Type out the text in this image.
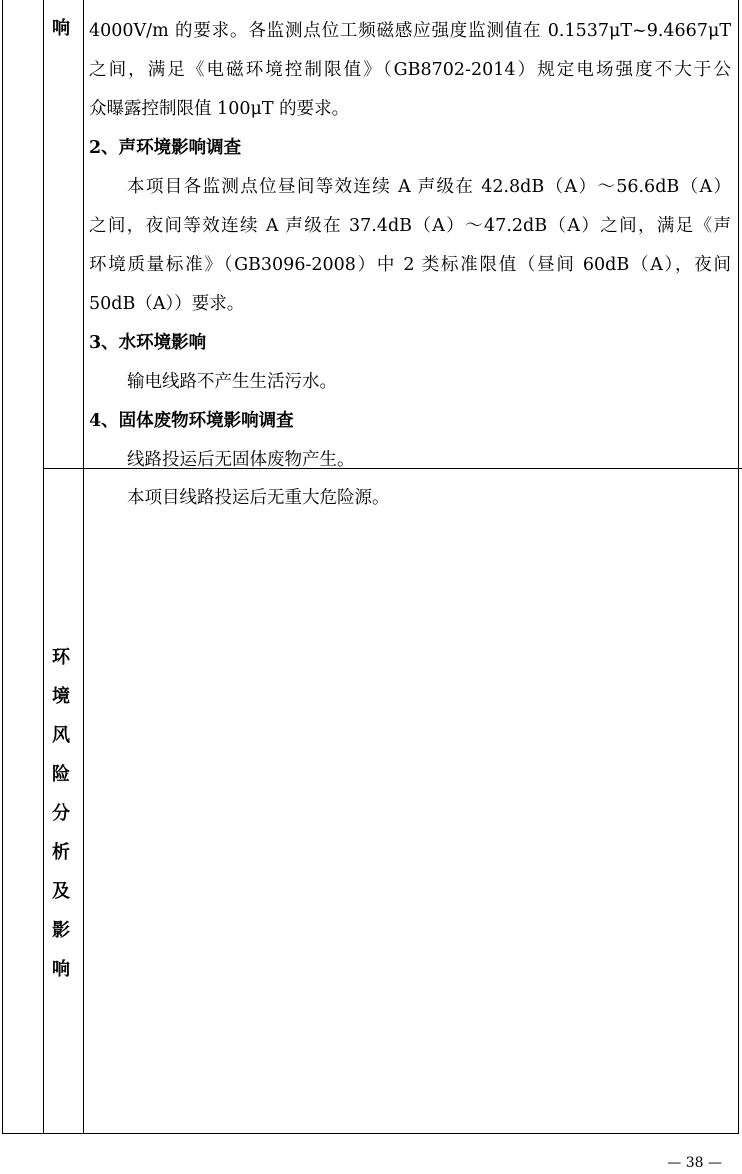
响	4000V/m 的要求。各监测点位工频磁感应强度监测值在 0.1537μT~9.4667μT

之间，满足《电磁环境控制限值》（GB8702-2014）规定电场强度不大于公

众曝露控制限值 100μT 的要求。

2、声环境影响调查

本项目各监测点位昼间等效连续 A 声级在 42.8dB（A）～56.6dB（A）

之间，夜间等效连续 A 声级在 37.4dB（A）～47.2dB（A）之间，满足《声

环境质量标准》（GB3096-2008）中 2 类标准限值（昼间 60dB（A），夜间

50dB（A））要求。

3、水环境影响

输电线路不产生生活污水。

4、固体废物环境影响调查

线路投运后无固体废物产生。

环
境
风
险
分
析
及
影
响
本项目线路投运后无重大危险源。
— 38 —
